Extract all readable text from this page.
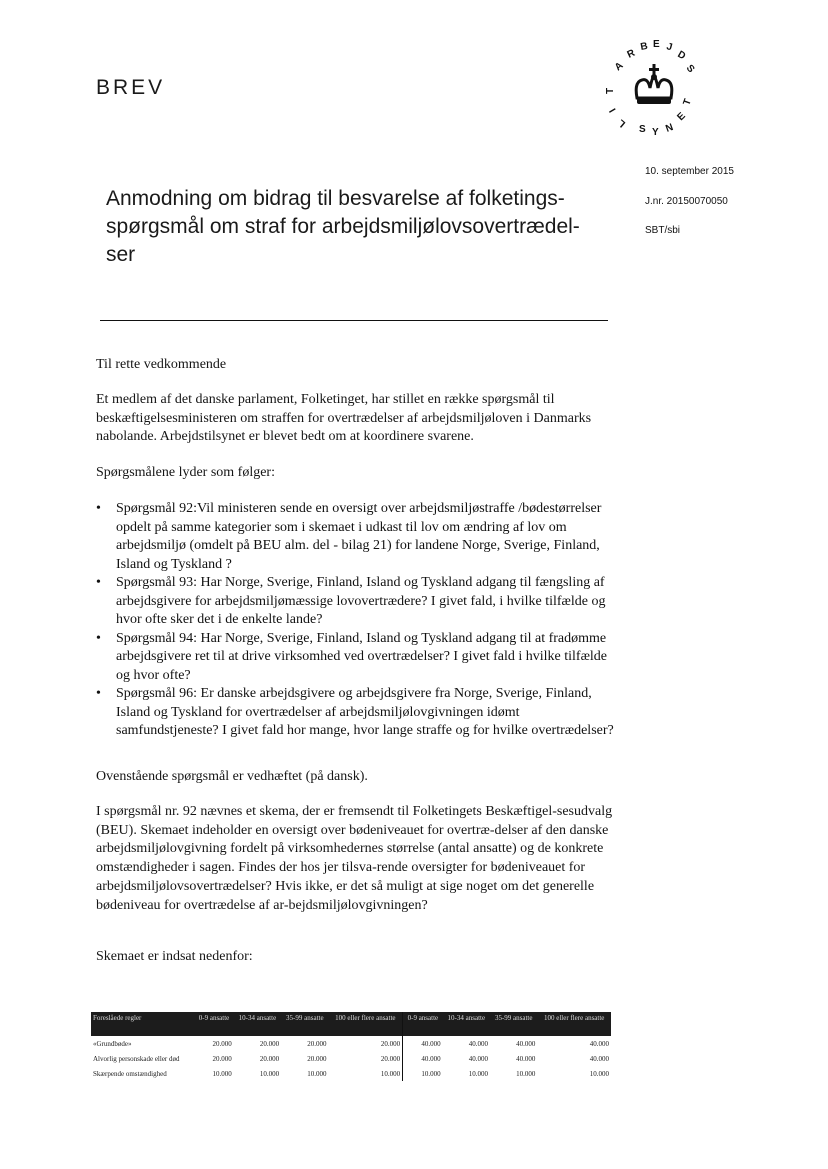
BREV
A
R
B E J
D
S
T
I
L
S Y N
E
T
10. september 2015
J.nr. 20150070050
SBT/sbi
Anmodning om bidrag til besvarelse af folketings-spørgsmål om straf for arbejdsmiljølovsovertrædel-ser

Til rette vedkommende

Et medlem af det danske parlament, Folketinget, har stillet en række spørgsmål til beskæftigelsesministeren om straffen for overtrædelser af arbejdsmiljøloven i Danmarks nabolande. Arbejdstilsynet er blevet bedt om at koordinere svarene.

Spørgsmålene lyder som følger:

• Spørgsmål 92:Vil ministeren sende en oversigt over arbejdsmiljøstraffe /bødestørrelser opdelt på samme kategorier som i skemaet i udkast til lov om ændring af lov om arbejdsmiljø (omdelt på BEU alm. del - bilag 21) for landene Norge, Sverige, Finland, Island og Tyskland ?
• Spørgsmål 93: Har Norge, Sverige, Finland, Island og Tyskland adgang til fængsling af arbejdsgivere for arbejdsmiljømæssige lovovertrædere? I givet fald, i hvilke tilfælde og hvor ofte sker det i de enkelte lande?
• Spørgsmål 94: Har Norge, Sverige, Finland, Island og Tyskland adgang til at fradømme arbejdsgivere ret til at drive virksomhed ved overtrædelser? I givet fald i hvilke tilfælde og hvor ofte?
• Spørgsmål 96: Er danske arbejdsgivere og arbejdsgivere fra Norge, Sverige, Finland, Island og Tyskland for overtrædelser af arbejdsmiljølovgivningen idømt samfundstjeneste? I givet fald hor mange, hvor lange straffe og for hvilke overtrædelser?

Ovenstående spørgsmål er vedhæftet (på dansk).

I spørgsmål nr. 92 nævnes et skema, der er fremsendt til Folketingets Beskæftigel-sesudvalg (BEU). Skemaet indeholder en oversigt over bødeniveauet for overtræ-delser af den danske arbejdsmiljølovgivning fordelt på virksomhedernes størrelse (antal ansatte) og de konkrete omstændigheder i sagen. Findes der hos jer tilsva-rende oversigter for bødeniveauet for arbejdsmiljølovsovertrædelser? Hvis ikke, er det så muligt at sige noget om det generelle bødeniveau for overtrædelse af ar-bejdsmiljølovgivningen?

Skemaet er indsat nedenfor:

Foreslåede regler	0-9 ansatte	10-34 ansatte	35-99 ansatte	100 eller flere ansatte	0-9 ansatte	10-34 ansatte	35-99 ansatte	100 eller flere ansatte
«Grundbøde»	20.000	20.000	20.000	20.000	40.000	40.000	40.000	40.000
Alvorlig personskade eller død	20.000	20.000	20.000	20.000	40.000	40.000	40.000	40.000
Skærpende omstændighed	10.000	10.000	10.000	10.000	10.000	10.000	10.000	10.000
